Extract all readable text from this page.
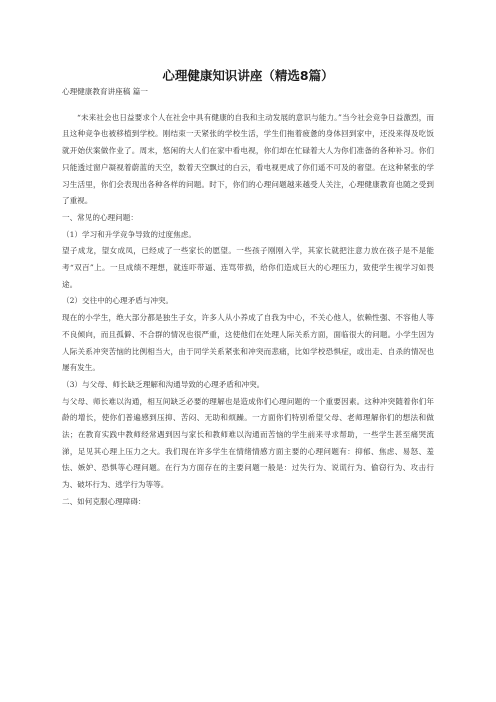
心理健康知识讲座（精选8篇）

心理健康教育讲座稿 篇一

“未来社会也日益要求个人在社会中具有健康的自我和主动发展的意识与能力。”当今社会竞争日益激烈，而且这种竞争也被移植到学校。刚结束一天紧张的学校生活，学生们拖着疲惫的身体回到家中，还没来得及吃饭就开始伏案做作业了。周末，悠闲的大人们在家中看电视，你们却在忙碌着大人为你们准备的各种补习。你们只能透过窗户凝视着蔚蓝的天空，数着天空飘过的白云，看电视更成了你们遥不可及的奢望。在这种紧张的学习生活里，你们会表现出各种各样的问题。时下，你们的心理问题越来越受人关注，心理健康教育也随之受到了重视。

一、常见的心理问题：

（1）学习和升学竞争导致的过度焦虑。

望子成龙，望女成凤，已经成了一些家长的愿望。一些孩子刚刚入学，其家长就把注意力放在孩子是不是能考“双百”上。一旦成绩不理想，就连吓带逼、连骂带损，给你们造成巨大的心理压力，致使学生视学习如畏途。

（2）交往中的心理矛盾与冲突。

现在的小学生，绝大部分都是独生子女，许多人从小养成了自我为中心，不关心他人，依赖性强、不容他人等不良倾向，而且孤僻、不合群的情况也很严重，这使他们在处理人际关系方面，面临很大的问题。小学生因为人际关系冲突苦恼的比例相当大，由于同学关系紧张和冲突而悲痛，比如学校恐惧症，或出走、自杀的情况也屡有发生。

（3）与父母、师长缺乏理解和沟通导致的心理矛盾和冲突。

与父母、师长难以沟通，相互间缺乏必要的理解也是造成你们心理问题的一个重要因素。这种冲突随着你们年龄的增长，使你们普遍感到压抑、苦闷、无助和烦躁。一方面你们特别希望父母、老师理解你们的想法和做法；在教育实践中教师经常遇到因与家长和教师难以沟通而苦恼的学生前来寻求帮助，一些学生甚至痛哭流涕，足见其心理上压力之大。我们现在许多学生在情绪情感方面主要的心理问题有：抑郁、焦虑、易怒、羞怯、嫉妒、恐惧等心理问题。在行为方面存在的主要问题一般是：过失行为、说谎行为、偷窃行为、攻击行为、破坏行为、逃学行为等等。

二、如何克服心理障碍：
